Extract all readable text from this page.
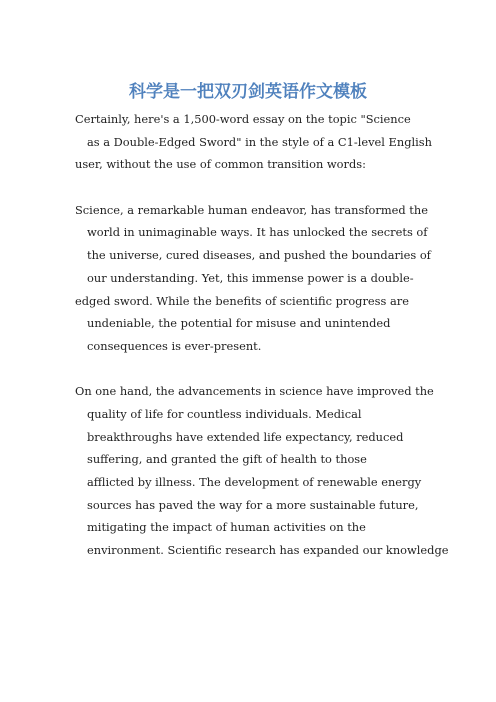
科学是一把双刃剑英语作文模板
Certainly, here's a 1,500-word essay on the topic "Science
as a Double-Edged Sword" in the style of a C1-level English
user, without the use of common transition words:
Science, a remarkable human endeavor, has transformed the
world in unimaginable ways. It has unlocked the secrets of
the universe, cured diseases, and pushed the boundaries of
our understanding. Yet, this immense power is a double-
edged sword. While the benefits of scientific progress are
undeniable, the potential for misuse and unintended
consequences is ever-present.
On one hand, the advancements in science have improved the
quality of life for countless individuals. Medical
breakthroughs have extended life expectancy, reduced
suffering, and granted the gift of health to those
afflicted by illness. The development of renewable energy
sources has paved the way for a more sustainable future,
mitigating the impact of human activities on the
environment. Scientific research has expanded our knowledge
